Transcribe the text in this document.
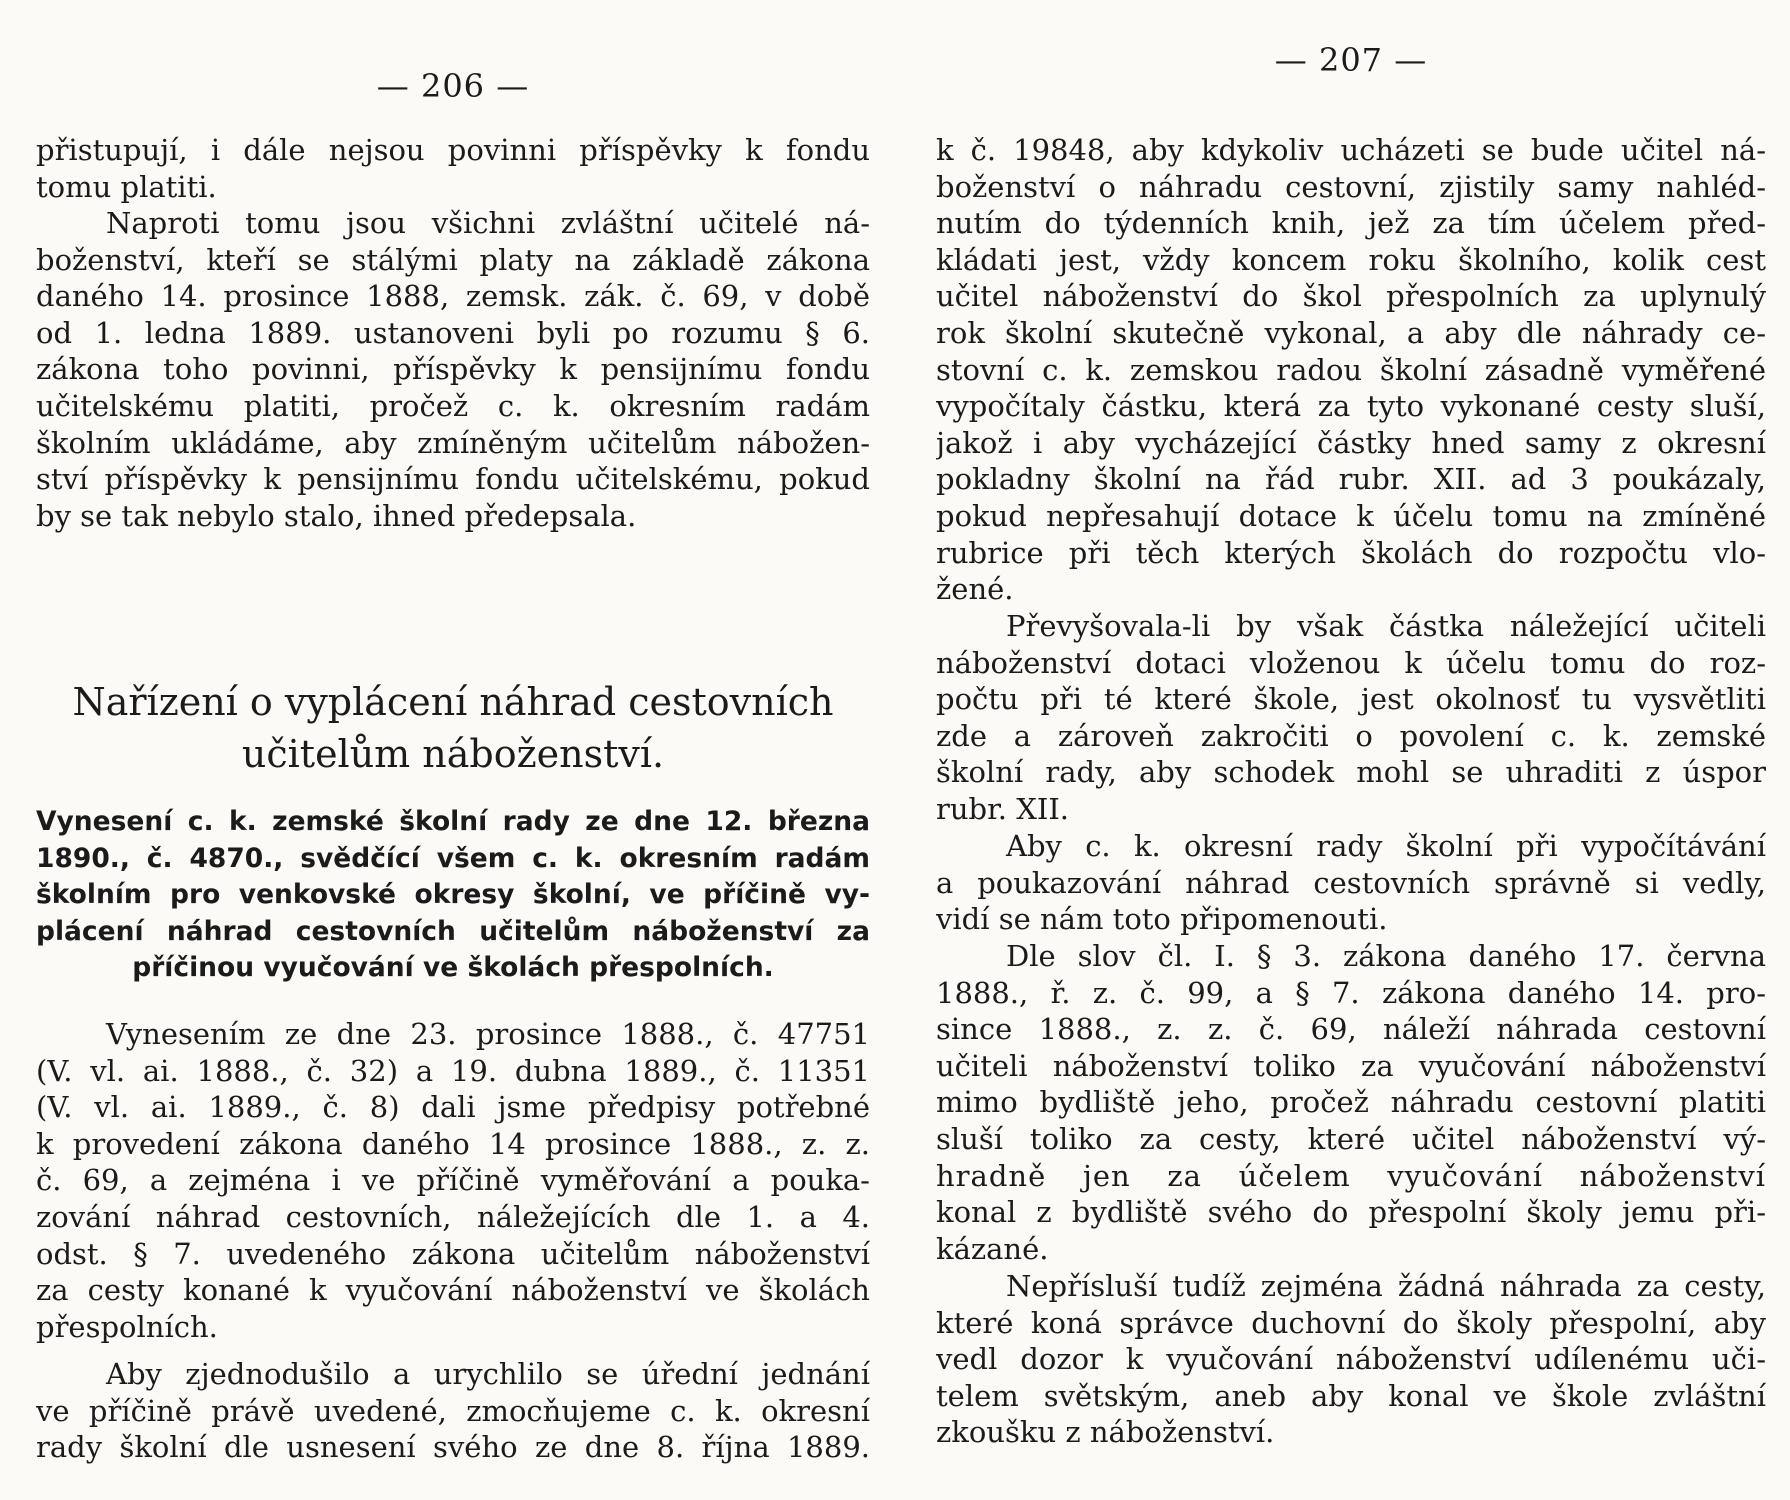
— 206 —
přistupují, i dále nejsou povinni příspěvky k fondu
tomu platiti.
Naproti tomu jsou všichni zvláštní učitelé ná-
boženství, kteří se stálými platy na základě zákona
daného 14. prosince 1888, zemsk. zák. č. 69, v době
od 1. ledna 1889. ustanoveni byli po rozumu § 6.
zákona toho povinni, příspěvky k pensijnímu fondu
učitelskému platiti, pročež c. k. okresním radám
školním ukládáme, aby zmíněným učitelům nábožen-
ství příspěvky k pensijnímu fondu učitelskému, pokud
by se tak nebylo stalo, ihned předepsala.
Nařízení o vyplácení náhrad cestovních
učitelům náboženství.
Vynesení c. k. zemské školní rady ze dne 12. března
1890., č. 4870., svědčící všem c. k. okresním radám
školním pro venkovské okresy školní, ve příčině vy-
plácení náhrad cestovních učitelům náboženství za
příčinou vyučování ve školách přespolních.
Vynesením ze dne 23. prosince 1888., č. 47751
(V. vl. ai. 1888., č. 32) a 19. dubna 1889., č. 11351
(V. vl. ai. 1889., č. 8) dali jsme předpisy potřebné
k provedení zákona daného 14 prosince 1888., z. z.
č. 69, a zejména i ve příčině vyměřování a pouka-
zování náhrad cestovních, náležejících dle 1. a 4.
odst. § 7. uvedeného zákona učitelům náboženství
za cesty konané k vyučování náboženství ve školách
přespolních.
Aby zjednodušilo a urychlilo se úřední jednání
ve příčině právě uvedené, zmocňujeme c. k. okresní
rady školní dle usnesení svého ze dne 8. října 1889.
— 207 —
k č. 19848, aby kdykoliv ucházeti se bude učitel ná-
boženství o náhradu cestovní, zjistily samy nahléd-
nutím do týdenních knih, jež za tím účelem před-
kládati jest, vždy koncem roku školního, kolik cest
učitel náboženství do škol přespolních za uplynulý
rok školní skutečně vykonal, a aby dle náhrady ce-
stovní c. k. zemskou radou školní zásadně vyměřené
vypočítaly částku, která za tyto vykonané cesty sluší,
jakož i aby vycházející částky hned samy z okresní
pokladny školní na řád rubr. XII. ad 3 poukázaly,
pokud nepřesahují dotace k účelu tomu na zmíněné
rubrice při těch kterých školách do rozpočtu vlo-
žené.
Převyšovala-li by však částka náležející učiteli
náboženství dotaci vloženou k účelu tomu do roz-
počtu při té které škole, jest okolnosť tu vysvětliti
zde a zároveň zakročiti o povolení c. k. zemské
školní rady, aby schodek mohl se uhraditi z úspor
rubr. XII.
Aby c. k. okresní rady školní při vypočítávání
a poukazování náhrad cestovních správně si vedly,
vidí se nám toto připomenouti.
Dle slov čl. I. § 3. zákona daného 17. června
1888., ř. z. č. 99, a § 7. zákona daného 14. pro-
since 1888., z. z. č. 69, náleží náhrada cestovní
učiteli náboženství toliko za vyučování náboženství
mimo bydliště jeho, pročež náhradu cestovní platiti
sluší toliko za cesty, které učitel náboženství vý-
hradně jen za účelem vyučování náboženství
konal z bydliště svého do přespolní školy jemu při-
kázané.
Nepřísluší tudíž zejména žádná náhrada za cesty,
které koná správce duchovní do školy přespolní, aby
vedl dozor k vyučování náboženství udílenému uči-
telem světským, aneb aby konal ve škole zvláštní
zkoušku z náboženství.
